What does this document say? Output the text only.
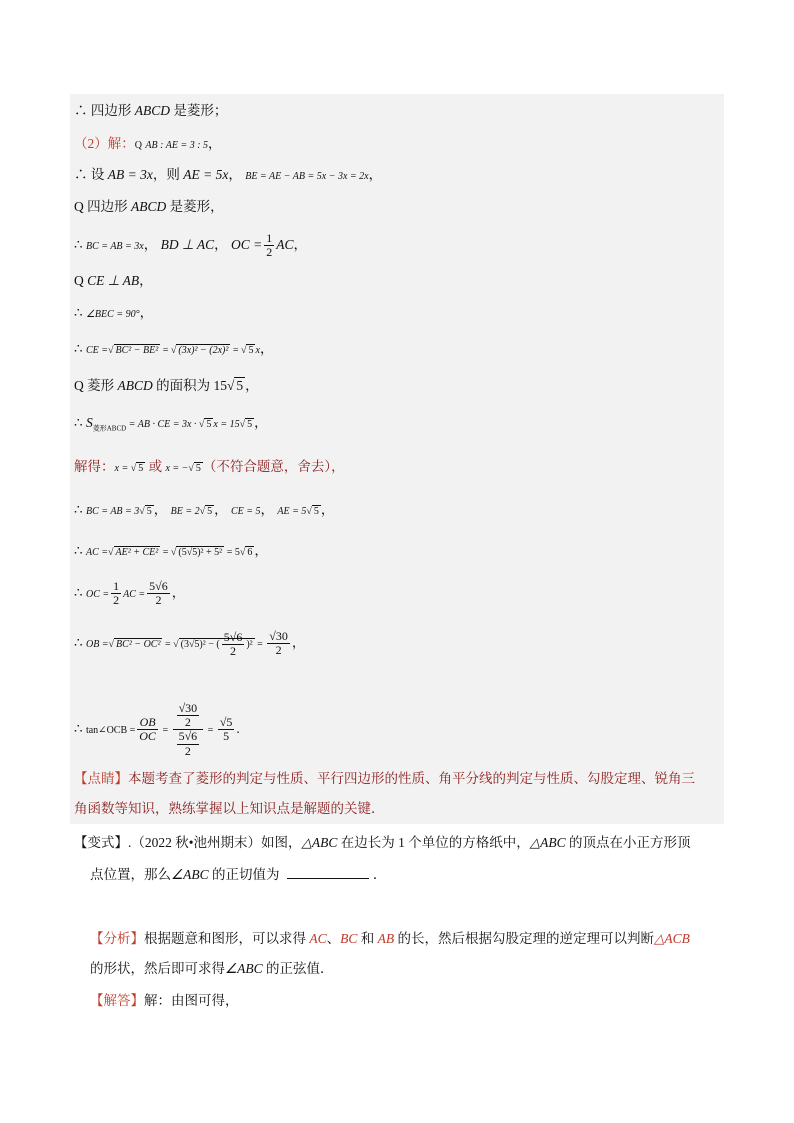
∴ 四边形 ABCD 是菱形；
（2）解：Q AB : AE = 3 : 5，
∴ 设 AB = 3x，则 AE = 5x， BE = AE − AB = 5x − 3x = 2x，
Q 四边形 ABCD 是菱形，
∴ BC = AB = 3x， BD ⊥ AC， OC = $\frac{1}{2}$ AC，
Q CE ⊥ AB，
∴ ∠BEC = 90°，
∴ CE =√ BC² − BE² = √ (3x)² − (2x)² = √ 5 x，
Q 菱形 ABCD 的面积为 15√ 5 ，
∴ $S_{菱形ABCD}$ = AB · CE = 3x · √ 5 x = 15√ 5 ，
解得：x = √ 5 或 x = −√ 5 （不符合题意，舍去），
∴ BC = AB = 3√ 5 ， BE = 2√ 5 ， CE = 5， AE = 5√ 5 ，
∴ AC =√ AE² + CE² = √ (5√5)² + 5² = 5√ 6 ，
∴ OC = $\frac{1}{2}$ AC = $\frac{5√6}{2}$ ，
∴ OB =√ BC² − OC² = √ (3√5)² − ( $\frac{5√6}{2} )^2 = \frac{√30}{2}$ ，
∴ tan∠OCB = $\frac{OB}{OC} = \frac{\frac{√30}{2}}{\frac{5√6}{2}} = \frac{√5}{5}$ .
【点睛】本题考查了菱形的判定与性质、平行四边形的性质、角平分线的判定与性质、勾股定理、锐角三
角函数等知识，熟练掌握以上知识点是解题的关键．
【变式】.（2022 秋•池州期末）如图，△ABC 在边长为 1 个单位的方格纸中，△ABC 的顶点在小正方形顶
点位置，那么∠ABC 的正切值为	．
【分析】根据题意和图形，可以求得 AC、BC 和 AB 的长，然后根据勾股定理的逆定理可以判断△ACB
的形状，然后即可求得∠ABC 的正弦值．
【解答】解：由图可得，
